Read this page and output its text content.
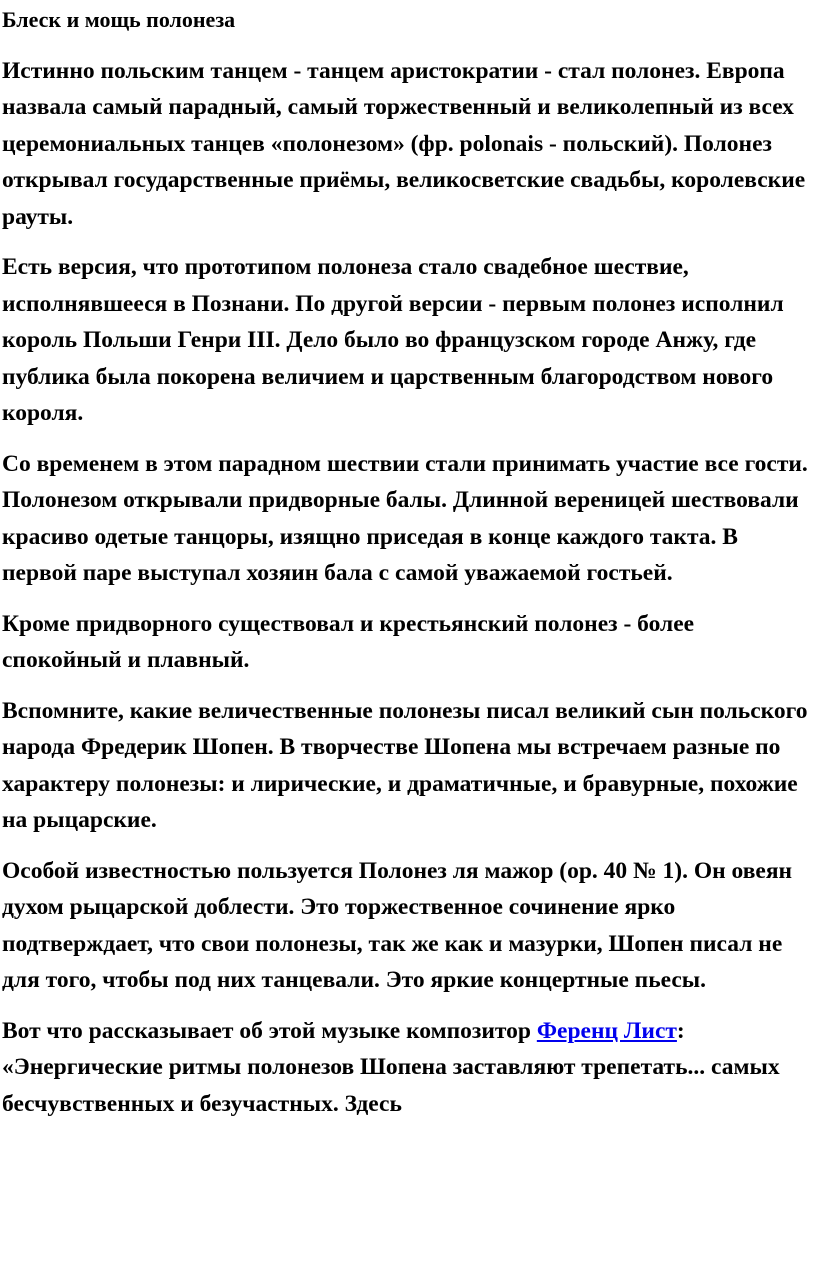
Блеск и мощь полонеза

Истинно польским танцем - танцем аристократии - стал полонез. Европа назвала самый парадный, самый торжественный и великолепный из всех церемониальных танцев «полонезом» (фр. polonais - польский). Полонез открывал государственные приёмы, великосветские свадьбы, королевские рауты.

Есть версия, что прототипом полонеза стало свадебное шествие, исполнявшееся в Познани. По другой версии - первым полонез исполнил король Польши Генри III. Дело было во французском городе Анжу, где публика была покорена величием и царственным благородством нового короля.

Со временем в этом парадном шествии стали принимать участие все гости. Полонезом открывали придворные балы. Длинной вереницей шествовали красиво одетые танцоры, изящно приседая в конце каждого такта. В первой паре выступал хозяин бала с самой уважаемой гостьей.

Кроме придворного существовал и крестьянский полонез - более спокойный и плавный.

Вспомните, какие величественные полонезы писал великий сын польского народа Фредерик Шопен. В творчестве Шопена мы встречаем разные по характеру полонезы: и лирические, и драматичные, и бравурные, похожие на рыцарские.

Особой известностью пользуется Полонез ля мажор (ор. 40 № 1). Он овеян духом рыцарской доблести. Это торжественное сочинение ярко подтверждает, что свои полонезы, так же как и мазурки, Шопен писал не для того, чтобы под них танцевали. Это яркие концертные пьесы.

Вот что рассказывает об этой музыке композитор Ференц Лист: «Энергические ритмы полонезов Шопена заставляют трепетать... самых бесчувственных и безучастных. Здесь
